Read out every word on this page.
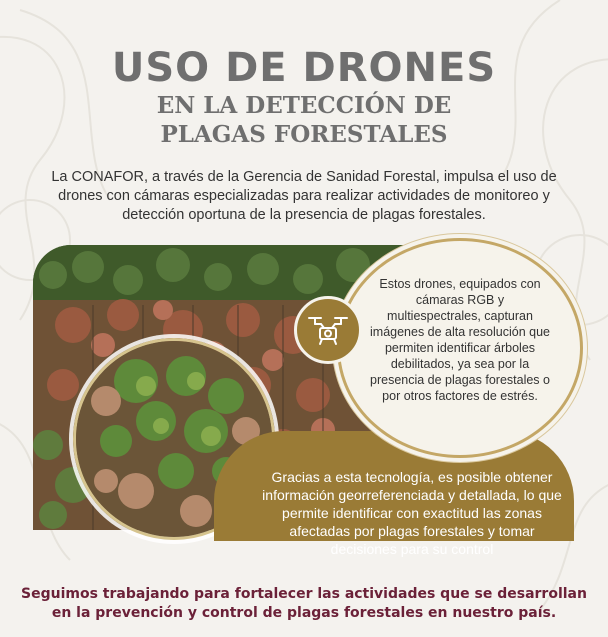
USO DE DRONES
EN LA DETECCIÓN DE
PLAGAS FORESTALES
La CONAFOR, a través de la Gerencia de Sanidad Forestal, impulsa el uso de drones con cámaras especializadas para realizar actividades de monitoreo y detección oportuna de la presencia de plagas forestales.
Gracias a esta tecnología, es posible obtener información georreferenciada y detallada, lo que permite identificar con exactitud las zonas afectadas por plagas forestales y tomar decisiones para su control
Estos drones, equipados con cámaras RGB y multiespectrales, capturan imágenes de alta resolución que permiten identificar árboles debilitados, ya sea por la presencia de plagas forestales o por otros factores de estrés.
Seguimos trabajando para fortalecer las actividades que se desarrollan en la prevención y control de plagas forestales en nuestro país.
